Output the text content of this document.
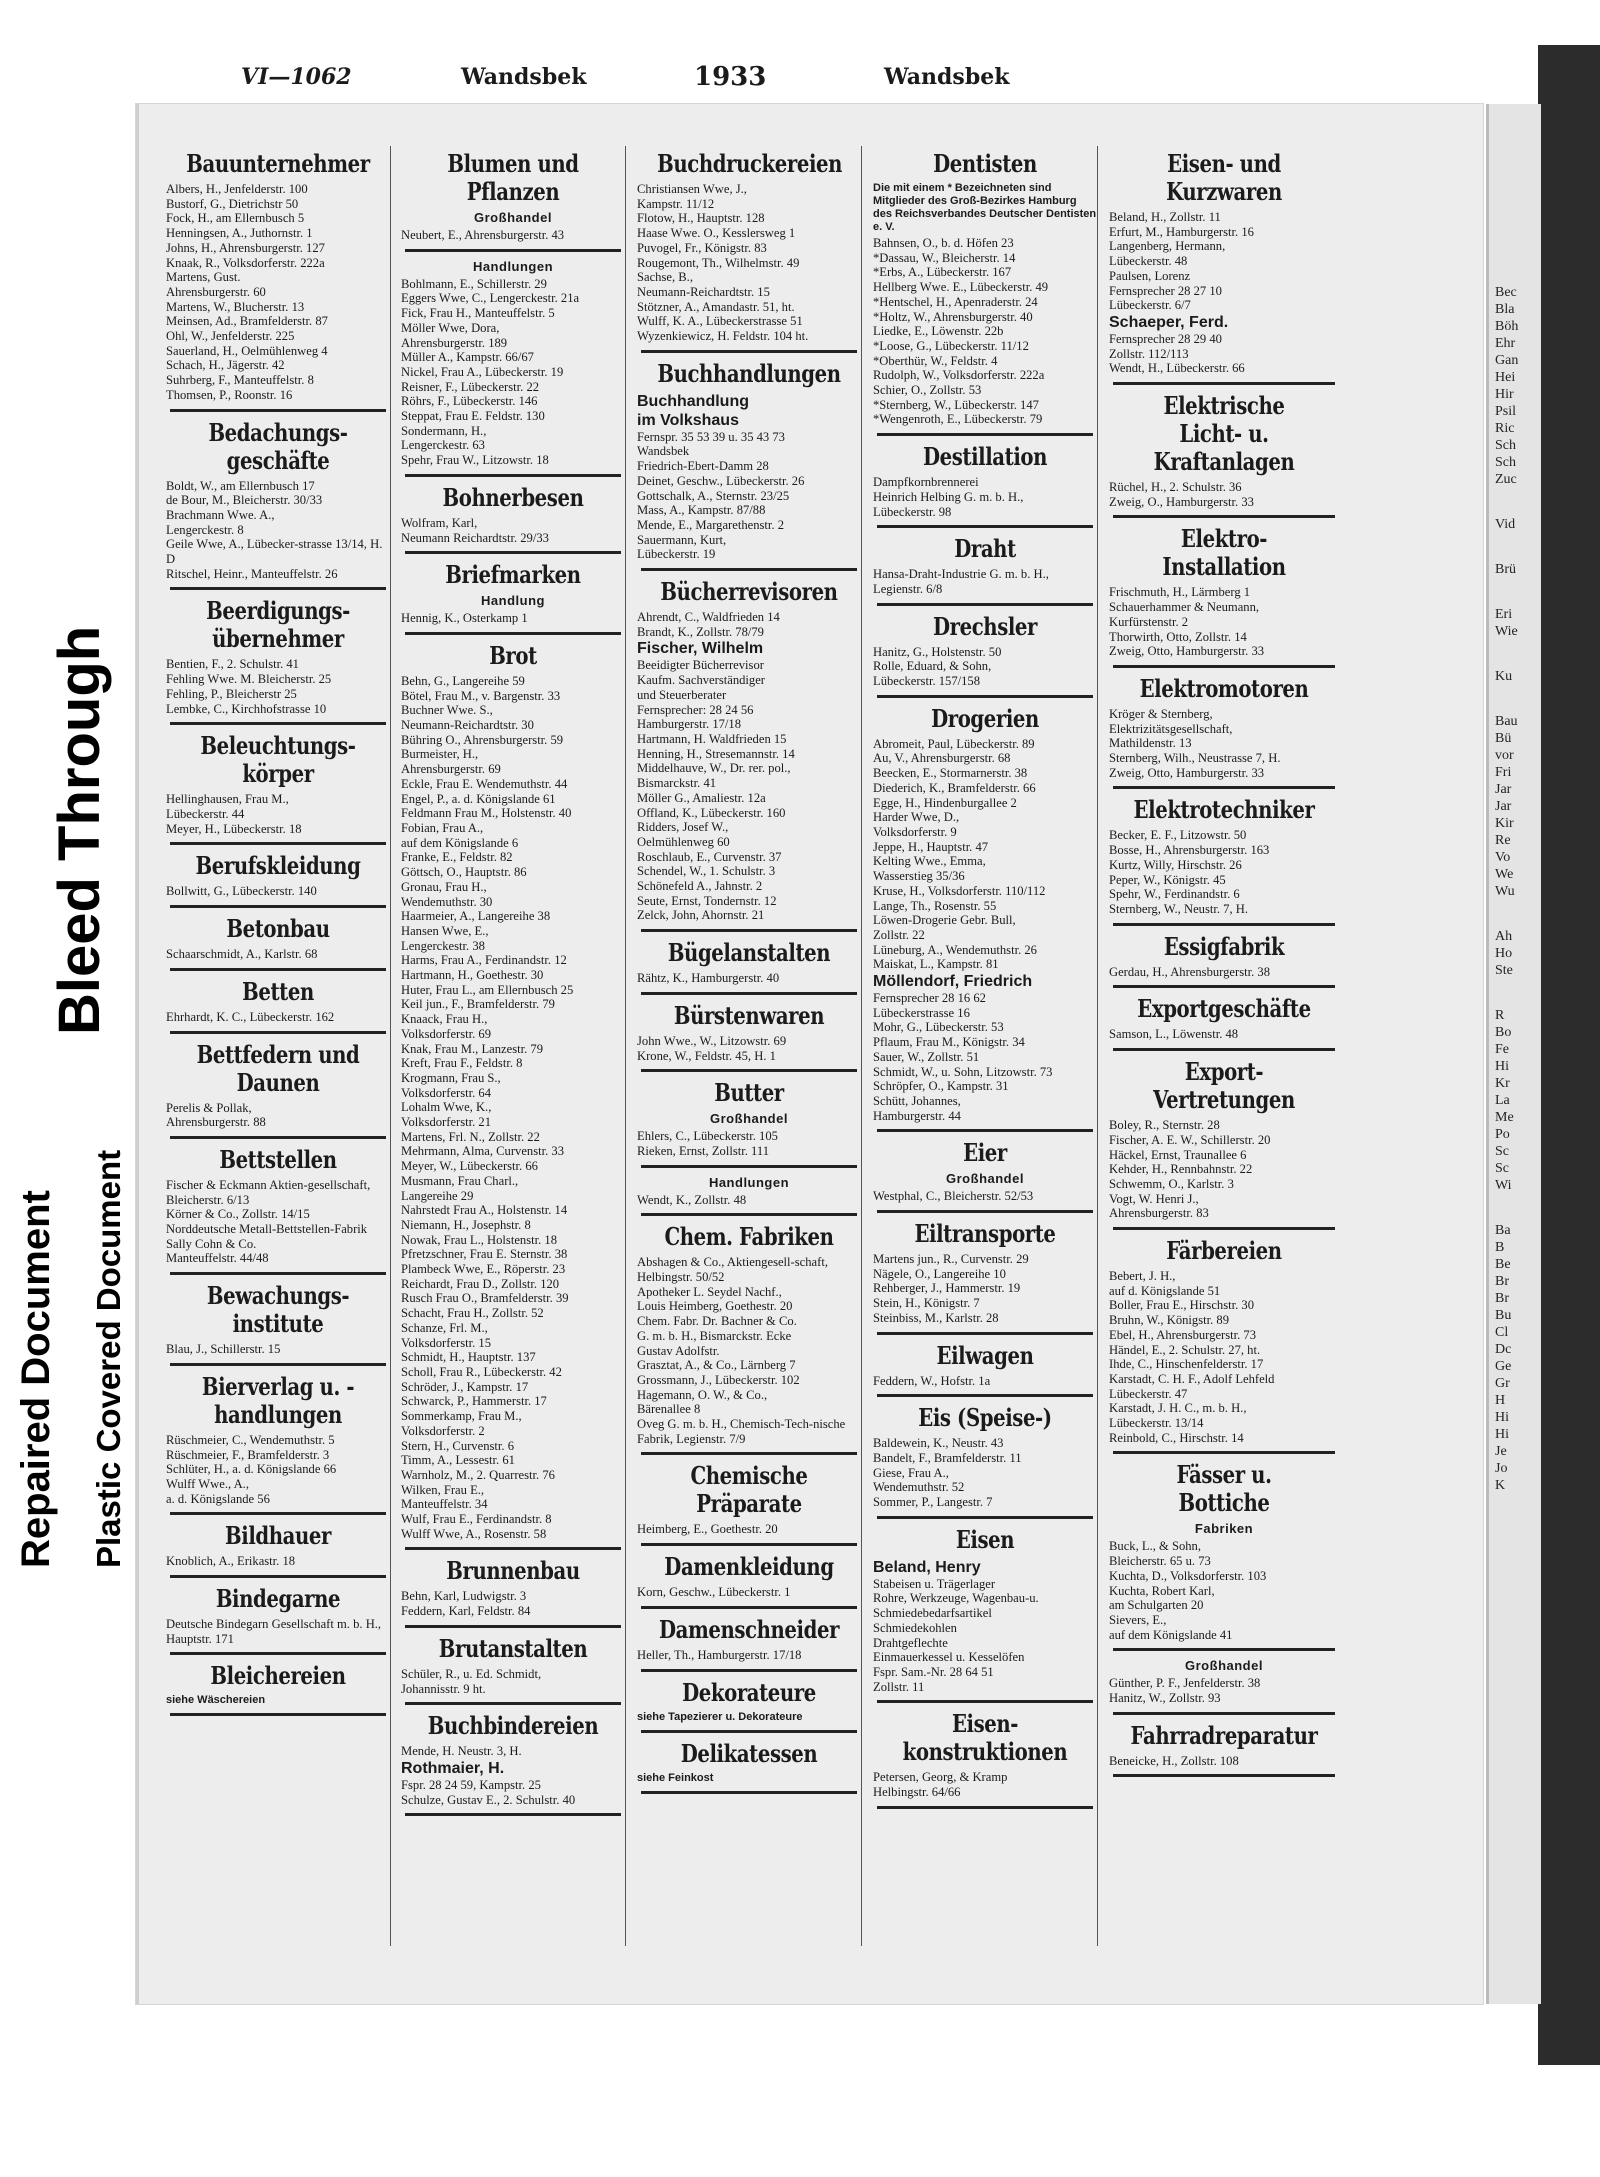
Bec
Bla
Böh
Ehr
Gan
Hei
Hir
Psil
Ric
Sch
Sch
Zuc
Vid
Brü
Eri
Wie
Ku
Bau
Bü
vor
Fri
Jar
Jar
Kir
Re
Vo
We
Wu
Ah
Ho
Ste
R
Bo
Fe
Hi
Kr
La
Me
Po
Sc
Sc
Wi
Ba
B
Be
Br
Br
Bu
Cl
Dc
Ge
Gr
H
Hi
Hi
Je
Jo
K
Repaired Document Plastic Covered Document
Bleed Through
VI—1062	Wandsbek	1933	Wandsbek
Bauunternehmer
Albers, H., Jenfelderstr. 100
Bustorf, G., Dietrichstr 50
Fock, H., am Ellernbusch 5
Henningsen, A., Juthornstr. 1
Johns, H., Ahrensburgerstr. 127
Knaak, R., Volksdorferstr. 222a
Martens, Gust.
Ahrensburgerstr. 60
Martens, W., Blucherstr. 13
Meinsen, Ad., Bramfelderstr. 87
Ohl, W., Jenfelderstr. 225
Sauerland, H., Oelmühlenweg 4
Schach, H., Jägerstr. 42
Suhrberg, F., Manteuffelstr. 8
Thomsen, P., Roonstr. 16
Bedachungs-geschäfte
Boldt, W., am Ellernbusch 17
de Bour, M., Bleicherstr. 30/33
Brachmann Wwe. A.,
Lengerckestr. 8
Geile Wwe, A., Lübecker-strasse 13/14, H. D
Ritschel, Heinr., Manteuffelstr. 26
Beerdigungs-übernehmer
Bentien, F., 2. Schulstr. 41
Fehling Wwe. M. Bleicherstr. 25
Fehling, P., Bleicherstr 25
Lembke, C., Kirchhofstrasse 10
Beleuchtungs-körper
Hellinghausen, Frau M.,
Lübeckerstr. 44
Meyer, H., Lübeckerstr. 18
Berufskleidung
Bollwitt, G., Lübeckerstr. 140
Betonbau
Schaarschmidt, A., Karlstr. 68
Betten
Ehrhardt, K. C., Lübeckerstr. 162
Bettfedern und Daunen
Perelis & Pollak,
Ahrensburgerstr. 88
Bettstellen
Fischer & Eckmann Aktien-gesellschaft, Bleicherstr. 6/13
Körner & Co., Zollstr. 14/15
Norddeutsche Metall-Bettstellen-Fabrik Sally Cohn & Co.
Manteuffelstr. 44/48
Bewachungs-institute
Blau, J., Schillerstr. 15
Bierverlag u. -handlungen
Rüschmeier, C., Wendemuthstr. 5
Rüschmeier, F., Bramfelderstr. 3
Schlüter, H., a. d. Königslande 66
Wulff Wwe., A.,
a. d. Königslande 56
Bildhauer
Knoblich, A., Erikastr. 18
Bindegarne
Deutsche Bindegarn Gesellschaft m. b. H., Hauptstr. 171
Bleichereien
siehe Wäschereien
Blumen und Pflanzen
Großhandel
Neubert, E., Ahrensburgerstr. 43
Handlungen
Bohlmann, E., Schillerstr. 29
Eggers Wwe, C., Lengerckestr. 21a
Fick, Frau H., Manteuffelstr. 5
Möller Wwe, Dora,
Ahrensburgerstr. 189
Müller A., Kampstr. 66/67
Nickel, Frau A., Lübeckerstr. 19
Reisner, F., Lübeckerstr. 22
Röhrs, F., Lübeckerstr. 146
Steppat, Frau E. Feldstr. 130
Sondermann, H.,
Lengerckestr. 63
Spehr, Frau W., Litzowstr. 18
Bohnerbesen
Wolfram, Karl,
Neumann Reichardtstr. 29/33
Briefmarken
Handlung
Hennig, K., Osterkamp 1
Brot
Behn, G., Langereihe 59
Bötel, Frau M., v. Bargenstr. 33
Buchner Wwe. S.,
Neumann-Reichardtstr. 30
Bühring O., Ahrensburgerstr. 59
Burmeister, H.,
Ahrensburgerstr. 69
Eckle, Frau E. Wendemuthstr. 44
Engel, P., a. d. Königslande 61
Feldmann Frau M., Holstenstr. 40
Fobian, Frau A.,
auf dem Königslande 6
Franke, E., Feldstr. 82
Göttsch, O., Hauptstr. 86
Gronau, Frau H.,
Wendemuthstr. 30
Haarmeier, A., Langereihe 38
Hansen Wwe, E.,
Lengerckestr. 38
Harms, Frau A., Ferdinandstr. 12
Hartmann, H., Goethestr. 30
Huter, Frau L., am Ellernbusch 25
Keil jun., F., Bramfelderstr. 79
Knaack, Frau H.,
Volksdorferstr. 69
Knak, Frau M., Lanzestr. 79
Kreft, Frau F., Feldstr. 8
Krogmann, Frau S.,
Volksdorferstr. 64
Lohalm Wwe, K.,
Volksdorferstr. 21
Martens, Frl. N., Zollstr. 22
Mehrmann, Alma, Curvenstr. 33
Meyer, W., Lübeckerstr. 66
Musmann, Frau Charl.,
Langereihe 29
Nahrstedt Frau A., Holstenstr. 14
Niemann, H., Josephstr. 8
Nowak, Frau L., Holstenstr. 18
Pfretzschner, Frau E. Sternstr. 38
Plambeck Wwe, E., Röperstr. 23
Reichardt, Frau D., Zollstr. 120
Rusch Frau O., Bramfelderstr. 39
Schacht, Frau H., Zollstr. 52
Schanze, Frl. M.,
Volksdorferstr. 15
Schmidt, H., Hauptstr. 137
Scholl, Frau R., Lübeckerstr. 42
Schröder, J., Kampstr. 17
Schwarck, P., Hammerstr. 17
Sommerkamp, Frau M.,
Volksdorferstr. 2
Stern, H., Curvenstr. 6
Timm, A., Lessestr. 61
Warnholz, M., 2. Quarrestr. 76
Wilken, Frau E.,
Manteuffelstr. 34
Wulf, Frau E., Ferdinandstr. 8
Wulff Wwe, A., Rosenstr. 58
Brunnenbau
Behn, Karl, Ludwigstr. 3
Feddern, Karl, Feldstr. 84
Brutanstalten
Schüler, R., u. Ed. Schmidt,
Johannisstr. 9 ht.
Buchbindereien
Mende, H. Neustr. 3, H.
Rothmaier, H.
Fspr. 28 24 59, Kampstr. 25
Schulze, Gustav E., 2. Schulstr. 40
Buchdruckereien
Christiansen Wwe, J.,
Kampstr. 11/12
Flotow, H., Hauptstr. 128
Haase Wwe. O., Kesslersweg 1
Puvogel, Fr., Königstr. 83
Rougemont, Th., Wilhelmstr. 49
Sachse, B.,
Neumann-Reichardtstr. 15
Stötzner, A., Amandastr. 51, ht.
Wulff, K. A., Lübeckerstrasse 51
Wyzenkiewicz, H. Feldstr. 104 ht.
Buchhandlungen
Buchhandlung
im Volkshaus
Fernspr. 35 53 39 u. 35 43 73
Wandsbek
Friedrich-Ebert-Damm 28
Deinet, Geschw., Lübeckerstr. 26
Gottschalk, A., Sternstr. 23/25
Mass, A., Kampstr. 87/88
Mende, E., Margarethenstr. 2
Sauermann, Kurt,
Lübeckerstr. 19
Bücherrevisoren
Ahrendt, C., Waldfrieden 14
Brandt, K., Zollstr. 78/79
Fischer, Wilhelm
Beeidigter Bücherrevisor
Kaufm. Sachverständiger
und Steuerberater
Fernsprecher: 28 24 56
Hamburgerstr. 17/18
Hartmann, H. Waldfrieden 15
Henning, H., Stresemannstr. 14
Middelhauve, W., Dr. rer. pol.,
Bismarckstr. 41
Möller G., Amaliestr. 12a
Offland, K., Lübeckerstr. 160
Ridders, Josef W.,
Oelmühlenweg 60
Roschlaub, E., Curvenstr. 37
Schendel, W., 1. Schulstr. 3
Schönefeld A., Jahnstr. 2
Seute, Ernst, Tondernstr. 12
Zelck, John, Ahornstr. 21
Bügelanstalten
Rähtz, K., Hamburgerstr. 40
Bürstenwaren
John Wwe., W., Litzowstr. 69
Krone, W., Feldstr. 45, H. 1
Butter
Großhandel
Ehlers, C., Lübeckerstr. 105
Rieken, Ernst, Zollstr. 111
Handlungen
Wendt, K., Zollstr. 48
Chem. Fabriken
Abshagen & Co., Aktiengesell-schaft, Helbingstr. 50/52
Apotheker L. Seydel Nachf.,
Louis Heimberg, Goethestr. 20
Chem. Fabr. Dr. Bachner & Co.
G. m. b. H., Bismarckstr. Ecke
Gustav Adolfstr.
Grasztat, A., & Co., Lärnberg 7
Grossmann, J., Lübeckerstr. 102
Hagemann, O. W., & Co.,
Bärenallee 8
Oveg G. m. b. H., Chemisch-Tech-nische Fabrik, Legienstr. 7/9
Chemische Präparate
Heimberg, E., Goethestr. 20
Damenkleidung
Korn, Geschw., Lübeckerstr. 1
Damenschneider
Heller, Th., Hamburgerstr. 17/18
Dekorateure
siehe Tapezierer u. Dekorateure
Delikatessen
siehe Feinkost
Dentisten
Die mit einem * Bezeichneten sind Mitglieder des Groß-Bezirkes Hamburg des Reichsverbandes Deutscher Dentisten e. V.
Bahnsen, O., b. d. Höfen 23
*Dassau, W., Bleicherstr. 14
*Erbs, A., Lübeckerstr. 167
Hellberg Wwe. E., Lübeckerstr. 49
*Hentschel, H., Apenraderstr. 24
*Holtz, W., Ahrensburgerstr. 40
Liedke, E., Löwenstr. 22b
*Loose, G., Lübeckerstr. 11/12
*Oberthür, W., Feldstr. 4
Rudolph, W., Volksdorferstr. 222a
Schier, O., Zollstr. 53
*Sternberg, W., Lübeckerstr. 147
*Wengenroth, E., Lübeckerstr. 79
Destillation
Dampfkornbrennerei
Heinrich Helbing G. m. b. H.,
Lübeckerstr. 98
Draht
Hansa-Draht-Industrie G. m. b. H.,
Legienstr. 6/8
Drechsler
Hanitz, G., Holstenstr. 50
Rolle, Eduard, & Sohn,
Lübeckerstr. 157/158
Drogerien
Abromeit, Paul, Lübeckerstr. 89
Au, V., Ahrensburgerstr. 68
Beecken, E., Stormarnerstr. 38
Diederich, K., Bramfelderstr. 66
Egge, H., Hindenburgallee 2
Harder Wwe, D.,
Volksdorferstr. 9
Jeppe, H., Hauptstr. 47
Kelting Wwe., Emma,
Wasserstieg 35/36
Kruse, H., Volksdorferstr. 110/112
Lange, Th., Rosenstr. 55
Löwen-Drogerie Gebr. Bull,
Zollstr. 22
Lüneburg, A., Wendemuthstr. 26
Maiskat, L., Kampstr. 81
Möllendorf, Friedrich
Fernsprecher 28 16 62
Lübeckerstrasse 16
Mohr, G., Lübeckerstr. 53
Pflaum, Frau M., Königstr. 34
Sauer, W., Zollstr. 51
Schmidt, W., u. Sohn, Litzowstr. 73
Schröpfer, O., Kampstr. 31
Schütt, Johannes,
Hamburgerstr. 44
Eier
Großhandel
Westphal, C., Bleicherstr. 52/53
Eiltransporte
Martens jun., R., Curvenstr. 29
Nägele, O., Langereihe 10
Rehberger, J., Hammerstr. 19
Stein, H., Königstr. 7
Steinbiss, M., Karlstr. 28
Eilwagen
Feddern, W., Hofstr. 1a
Eis (Speise-)
Baldewein, K., Neustr. 43
Bandelt, F., Bramfelderstr. 11
Giese, Frau A.,
Wendemuthstr. 52
Sommer, P., Langestr. 7
Eisen
Beland, Henry
Stabeisen u. Trägerlager
Rohre, Werkzeuge, Wagenbau-u. Schmiedebedarfsartikel
Schmiedekohlen
Drahtgeflechte
Einmauerkessel u. Kesselöfen
Fspr. Sam.-Nr. 28 64 51
Zollstr. 11
Eisen-konstruktionen
Petersen, Georg, & Kramp
Helbingstr. 64/66
Eisen- und Kurzwaren
Beland, H., Zollstr. 11
Erfurt, M., Hamburgerstr. 16
Langenberg, Hermann,
Lübeckerstr. 48
Paulsen, Lorenz
Fernsprecher 28 27 10
Lübeckerstr. 6/7
Schaeper, Ferd.
Fernsprecher 28 29 40
Zollstr. 112/113
Wendt, H., Lübeckerstr. 66
Elektrische Licht- u. Kraftanlagen
Rüchel, H., 2. Schulstr. 36
Zweig, O., Hamburgerstr. 33
Elektro-Installation
Frischmuth, H., Lärmberg 1
Schauerhammer & Neumann,
Kurfürstenstr. 2
Thorwirth, Otto, Zollstr. 14
Zweig, Otto, Hamburgerstr. 33
Elektromotoren
Kröger & Sternberg,
Elektrizitätsgesellschaft,
Mathildenstr. 13
Sternberg, Wilh., Neustrasse 7, H.
Zweig, Otto, Hamburgerstr. 33
Elektrotechniker
Becker, E. F., Litzowstr. 50
Bosse, H., Ahrensburgerstr. 163
Kurtz, Willy, Hirschstr. 26
Peper, W., Königstr. 45
Spehr, W., Ferdinandstr. 6
Sternberg, W., Neustr. 7, H.
Essigfabrik
Gerdau, H., Ahrensburgerstr. 38
Exportgeschäfte
Samson, L., Löwenstr. 48
Export-Vertretungen
Boley, R., Sternstr. 28
Fischer, A. E. W., Schillerstr. 20
Häckel, Ernst, Traunallee 6
Kehder, H., Rennbahnstr. 22
Schwemm, O., Karlstr. 3
Vogt, W. Henri J.,
Ahrensburgerstr. 83
Färbereien
Bebert, J. H.,
auf d. Königslande 51
Boller, Frau E., Hirschstr. 30
Bruhn, W., Königstr. 89
Ebel, H., Ahrensburgerstr. 73
Händel, E., 2. Schulstr. 27, ht.
Ihde, C., Hinschenfelderstr. 17
Karstadt, C. H. F., Adolf Lehfeld
Lübeckerstr. 47
Karstadt, J. H. C., m. b. H.,
Lübeckerstr. 13/14
Reinbold, C., Hirschstr. 14
Fässer u. Bottiche
Fabriken
Buck, L., & Sohn,
Bleicherstr. 65 u. 73
Kuchta, D., Volksdorferstr. 103
Kuchta, Robert Karl,
am Schulgarten 20
Sievers, E.,
auf dem Königslande 41
Großhandel
Günther, P. F., Jenfelderstr. 38
Hanitz, W., Zollstr. 93
Fahrradreparatur
Beneicke, H., Zollstr. 108
